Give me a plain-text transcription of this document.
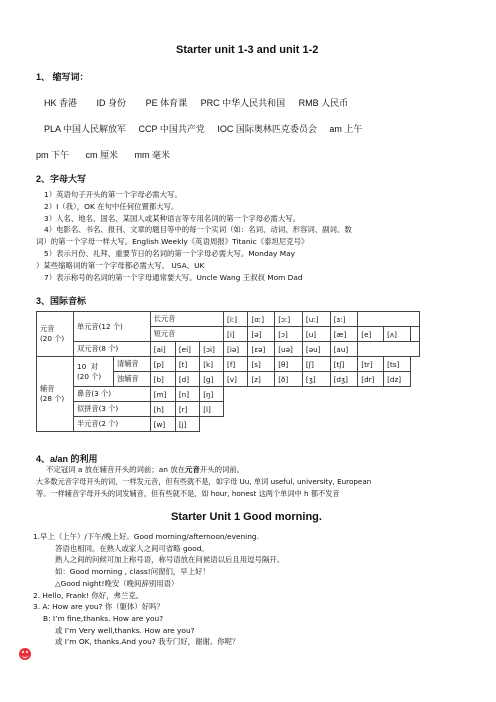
Starter unit 1-3 and unit 1-2
1、 缩写词：
HK 香港 ID 身份 PE 体育课 PRC 中华人民共和国 RMB 人民币
PLA 中国人民解放军 CCP 中国共产党 IOC 国际奥林匹克委员会 am 上午
pm 下午 cm 厘米 mm 毫米
2、字母大写
1）英语句子开头的第一个字母必需大写。
2）I（我），OK 在句中任何位置都大写。
3）人名、地名、国名、某国人或某种语言等专用名词的第一个字母必需大写。
4）电影名、书名、报刊、文章的题目等中的每一个实词（如：名词、动词、形容词、副词、数
词）的第一个字母一样大写。English Weekly《英语周报》Titanic《泰坦尼克号》
5）表示月份、礼拜、重要节日的名词的第一个字母必需大写。Monday May
）某些缩略词的第一个字母都必需大写。 USA、UK
7）表示称号的名词的第一个字母通常要大写。Uncle Wang 王叔叔 Mom Dad
3、国际音标
元音
(20 个)	单元音(12 个)		长元音			[iː]	[ɑː]	[ɔː]	[uː]	[ɜː]			
			短元音			[i]	[ə]	[ɔ]	[u]	[æ]	[e]	[ʌ]	
	双元音(8 个)		[ai]	[ei]	[ɔi]	[iə]	[ɛə]	[uə]	[əu]	[au]			
辅音
(28 个)	10  对
(20 个)	清辅音	[p]	[t]	[k]	[f]	[s]	[θ]	[ʃ]	[tʃ]	[tr]	[ts]	
		浊辅音	[b]	[d]	[g]	[v]	[z]	[ð]	[ʒ]	[dʒ]	[dr]	[dz]	
	鼻音(3 个)		[m]	[n]	[ŋ]								
	似拼音(3 个)		[h]	[r]	[l]								
	半元音(2 个)		[w]	[j]									
4、a/an 的利用
不定冠词 a 放在辅音开头的词前；an 放在元音开头的词前。
大多数元音字母开头的词，一样发元音，但有些就不是，如字母 Uu, 单词 useful, university, European
等。一样辅音字母开头的词发辅音，但有些就不是，如 hour, honest 这两个单词中 h 都不发音
Starter Unit 1 Good morning.
1.早上（上午）/下午/晚上好。Good morning/afternoon/evening.
答语也相同。在熟人或家人之间可省略 good。
熟人之间的问候可加上称号语，称号语放在问候语以后且用逗号隔开。
如：Good morning , class!问窗们，早上好！
△Good night!晚安（晚间辞别用语）
2. Hello, Frank! 你好，弗兰克。
3. A: How are you? 你（躯体）好吗？
B: I’m fine,thanks. How are you?
或 I’m Very well,thanks. How are you?
或 I’m OK, thanks.And you? 我专门好，谢谢。你呢？
